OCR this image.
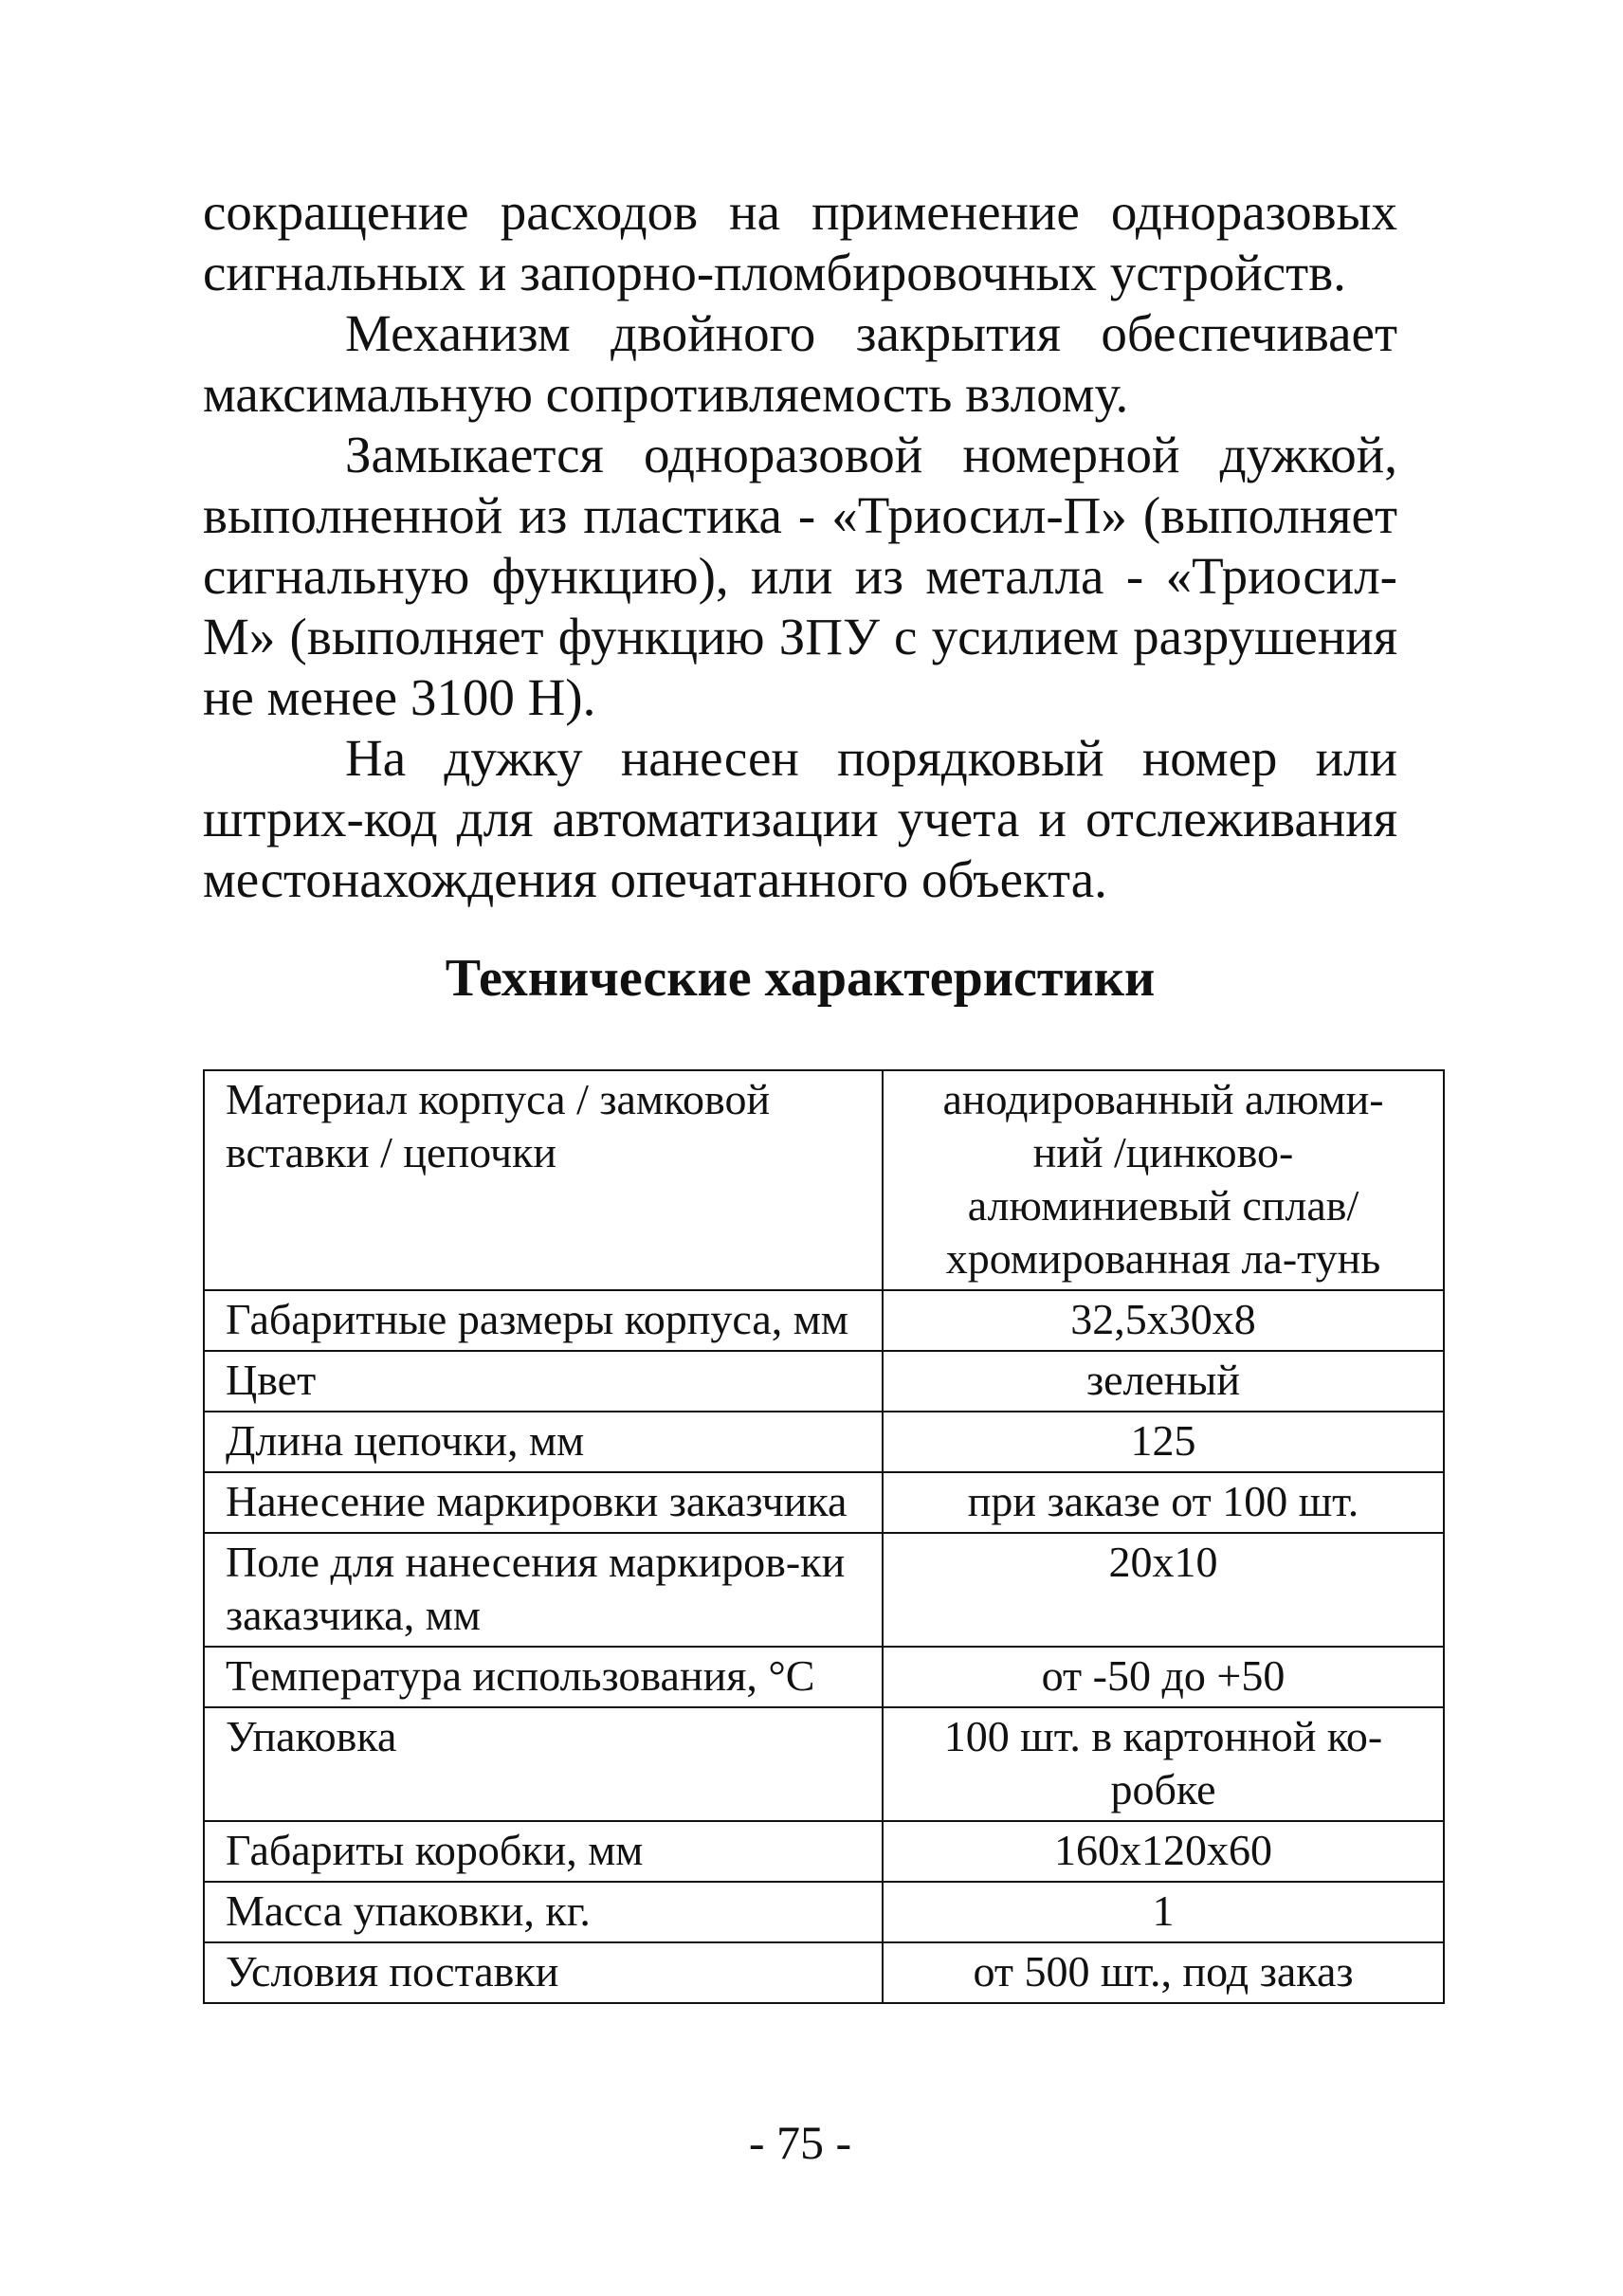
сокращение расходов на применение одноразовых сигнальных и запорно-пломбировочных устройств.

Механизм двойного закрытия обеспечивает максимальную сопротивляемость взлому.

Замыкается одноразовой номерной дужкой, выполненной из пластика - «Триосил-П» (выполняет сигнальную функцию), или из металла - «Триосил-М» (выполняет функцию ЗПУ с усилием разрушения не менее 3100 Н).

На дужку нанесен порядковый номер или штрих-код для автоматизации учета и отслеживания местонахождения опечатанного объекта.

Технические характеристики
Материал корпуса / замковой вставки / цепочки	анодированный алюми-ний /цинково-алюминиевый сплав/хромированная ла-тунь
Габаритные размеры корпуса, мм	32,5x30x8
Цвет	зеленый
Длина цепочки, мм	125
Нанесение маркировки заказчика	при заказе от 100 шт.
Поле для нанесения маркиров-ки заказчика, мм	20x10
Температура использования, °С	от -50 до +50
Упаковка	100 шт. в картонной ко-робке
Габариты коробки, мм	160x120x60
Масса упаковки, кг.	1
Условия поставки	от 500 шт., под заказ
- 75 -
